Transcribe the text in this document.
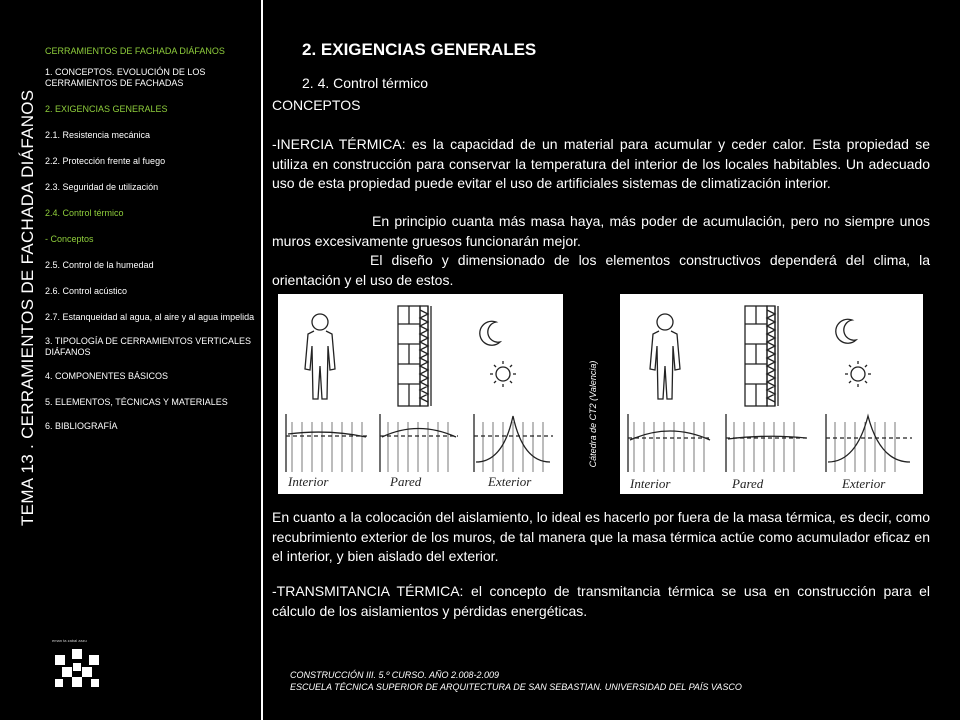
TEMA 13 . CERRAMIENTOS DE FACHADA DIÁFANOS
CERRAMIENTOS DE FACHADA DIÁFANOS
1. CONCEPTOS. EVOLUCIÓN DE LOS CERRAMIENTOS DE FACHADAS
2. EXIGENCIAS GENERALES
2.1. Resistencia mecánica
2.2. Protección frente al fuego
2.3. Seguridad de utilización
2.4. Control térmico
- Conceptos
2.5. Control de la humedad
2.6. Control acústico
2.7. Estanqueidad al agua, al aire y al agua impelida
3. TIPOLOGÍA DE CERRAMIENTOS VERTICALES DIÁFANOS
4. COMPONENTES BÁSICOS
5. ELEMENTOS, TÉCNICAS Y MATERIALES
6. BIBLIOGRAFÍA
eman ta zabal zazu
2. EXIGENCIAS GENERALES
2. 4. Control térmico
CONCEPTOS
-INERCIA TÉRMICA: es la capacidad de un material para acumular y ceder calor. Esta propiedad se utiliza en construcción para conservar la temperatura del interior de los locales habitables. Un adecuado uso de esta propiedad puede evitar el uso de artificiales sistemas de climatización interior.
En principio cuanta más masa haya, más poder de acumulación, pero no siempre unos muros excesivamente gruesos funcionarán mejor.
El diseño y dimensionado de los elementos constructivos dependerá del clima, la orientación y el uso de estos.
En cuanto a la colocación del aislamiento, lo ideal es hacerlo por fuera de la masa térmica, es decir, como recubrimiento exterior de los muros, de tal manera que la masa térmica actúe como acumulador eficaz en el interior, y bien aislado del exterior.
-TRANSMITANCIA TÉRMICA: el concepto de transmitancia térmica se usa en construcción para el cálculo de los aislamientos y pérdidas energéticas.
Interior	Pared	Exterior
Cátedra de CT2 (Valencia)
Interior	Pared	Exterior
CONSTRUCCIÓN III. 5.º CURSO. AÑO 2.008-2.009
ESCUELA TÉCNICA SUPERIOR DE ARQUITECTURA DE SAN SEBASTIAN. UNIVERSIDAD DEL PAÍS VASCO
